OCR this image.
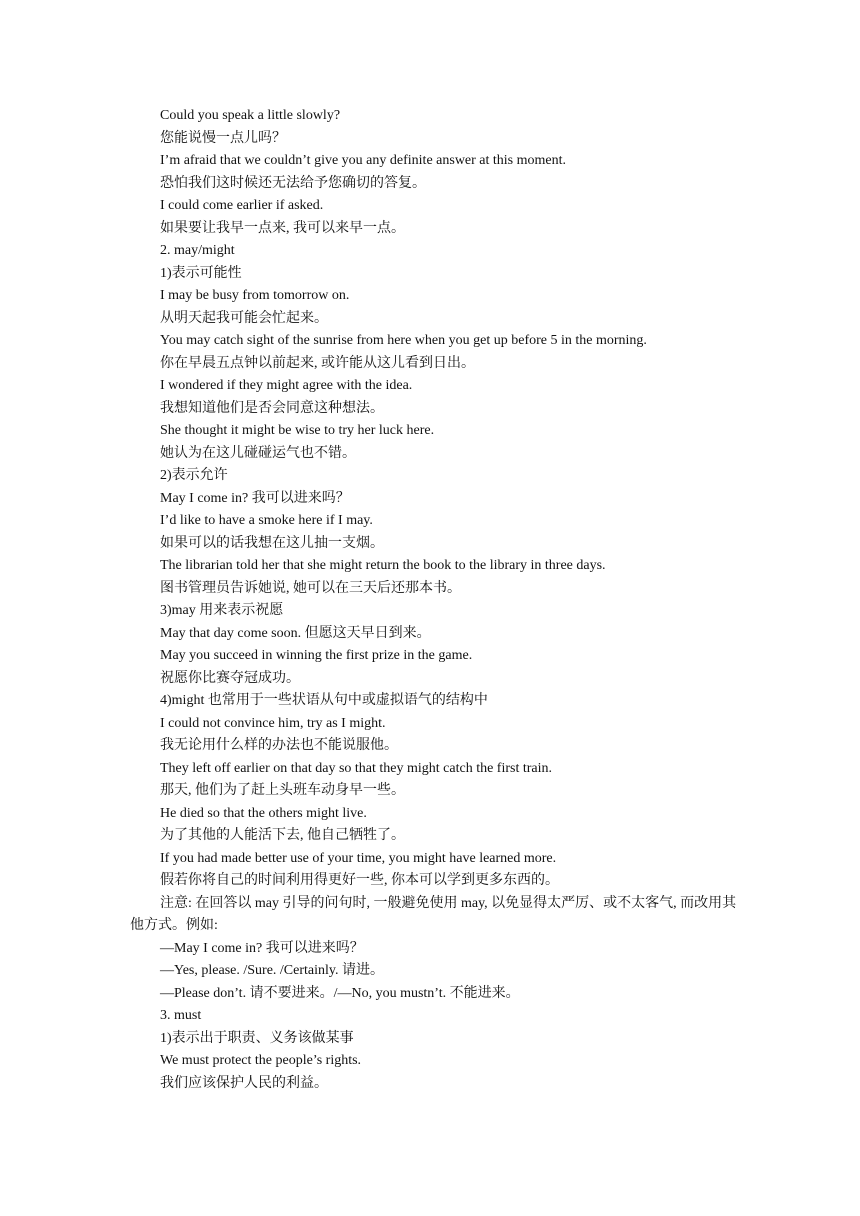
Could you speak a little slowly?
您能说慢一点儿吗？
I’m afraid that we couldn’t give you any definite answer at this moment.
恐怕我们这时候还无法给予您确切的答复。
I could come earlier if asked.
如果要让我早一点来, 我可以来早一点。
2. may/might
1)表示可能性
I may be busy from tomorrow on.
从明天起我可能会忙起来。
You may catch sight of the sunrise from here when you get up before 5 in the morning.
你在早晨五点钟以前起来, 或许能从这儿看到日出。
I wondered if they might agree with the idea.
我想知道他们是否会同意这种想法。
She thought it might be wise to try her luck here.
她认为在这儿碰碰运气也不错。
2)表示允许
May I come in? 我可以进来吗？
I’d like to have a smoke here if I may.
如果可以的话我想在这儿抽一支烟。
The librarian told her that she might return the book to the library in three days.
图书管理员告诉她说, 她可以在三天后还那本书。
3)may 用来表示祝愿
May that day come soon. 但愿这天早日到来。
May you succeed in winning the first prize in the game.
祝愿你比赛夺冠成功。
4)might 也常用于一些状语从句中或虚拟语气的结构中
I could not convince him, try as I might.
我无论用什么样的办法也不能说服他。
They left off earlier on that day so that they might catch the first train.
那天, 他们为了赶上头班车动身早一些。
He died so that the others might live.
为了其他的人能活下去, 他自己牺牲了。
If you had made better use of your time, you might have learned more.
假若你将自己的时间利用得更好一些, 你本可以学到更多东西的。
注意: 在回答以 may 引导的问句时, 一般避免使用 may, 以免显得太严厉、或不太客气, 而改用其他方式。例如:
—May I come in? 我可以进来吗？
—Yes, please. /Sure. /Certainly. 请进。
—Please don’t. 请不要进来。/—No, you mustn’t. 不能进来。
3. must
1)表示出于职责、义务该做某事
We must protect the people’s rights.
我们应该保护人民的利益。
